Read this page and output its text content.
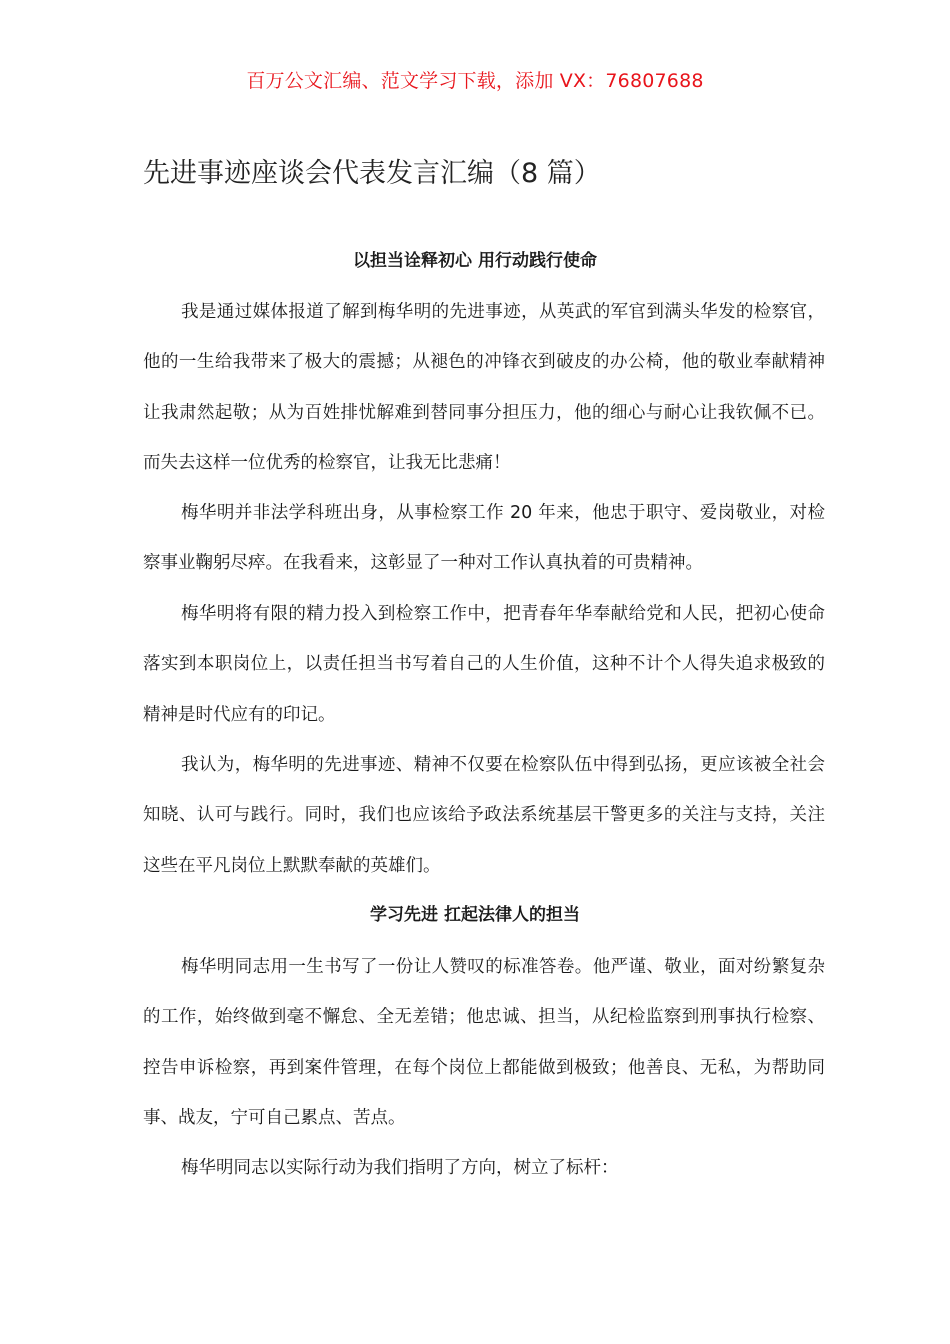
百万公文汇编、范文学习下载，添加 VX：76807688
先进事迹座谈会代表发言汇编（8 篇）
以担当诠释初心 用行动践行使命

我是通过媒体报道了解到梅华明的先进事迹，从英武的军官到满头华发的检察官，他的一生给我带来了极大的震撼；从褪色的冲锋衣到破皮的办公椅，他的敬业奉献精神让我肃然起敬；从为百姓排忧解难到替同事分担压力，他的细心与耐心让我钦佩不已。而失去这样一位优秀的检察官，让我无比悲痛！

梅华明并非法学科班出身，从事检察工作 20 年来，他忠于职守、爱岗敬业，对检察事业鞠躬尽瘁。在我看来，这彰显了一种对工作认真执着的可贵精神。

梅华明将有限的精力投入到检察工作中，把青春年华奉献给党和人民，把初心使命落实到本职岗位上，以责任担当书写着自己的人生价值，这种不计个人得失追求极致的精神是时代应有的印记。

我认为，梅华明的先进事迹、精神不仅要在检察队伍中得到弘扬，更应该被全社会知晓、认可与践行。同时，我们也应该给予政法系统基层干警更多的关注与支持，关注这些在平凡岗位上默默奉献的英雄们。

学习先进 扛起法律人的担当

梅华明同志用一生书写了一份让人赞叹的标准答卷。他严谨、敬业，面对纷繁复杂的工作，始终做到毫不懈怠、全无差错；他忠诚、担当，从纪检监察到刑事执行检察、控告申诉检察，再到案件管理，在每个岗位上都能做到极致；他善良、无私，为帮助同事、战友，宁可自己累点、苦点。

梅华明同志以实际行动为我们指明了方向，树立了标杆：
